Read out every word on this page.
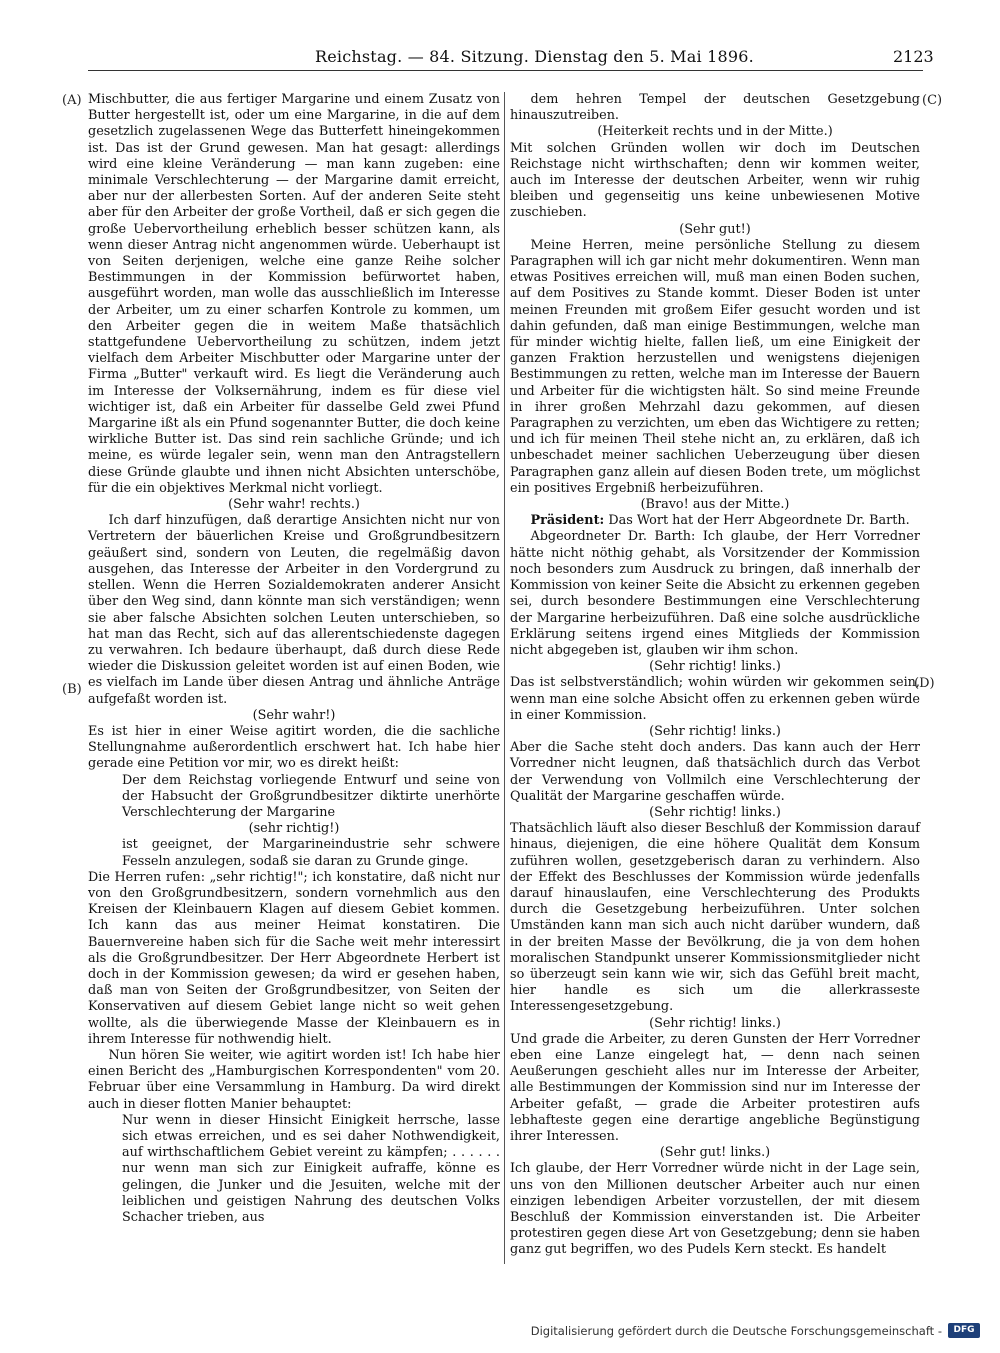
Reichstag. — 84. Sitzung. Dienstag den 5. Mai 1896.	2123
(A)
(B)
(C)
(D)

Mischbutter, die aus fertiger Margarine und einem Zusatz von Butter hergestellt ist, oder um eine Margarine, in die auf dem gesetzlich zugelassenen Wege das Butterfett hineingekommen ist. Das ist der Grund gewesen. Man hat gesagt: allerdings wird eine kleine Veränderung — man kann zugeben: eine minimale Verschlechterung — der Margarine damit erreicht, aber nur der allerbesten Sorten. Auf der anderen Seite steht aber für den Arbeiter der große Vortheil, daß er sich gegen die große Uebervortheilung erheblich besser schützen kann, als wenn dieser Antrag nicht angenommen würde. Ueberhaupt ist von Seiten derjenigen, welche eine ganze Reihe solcher Bestimmungen in der Kommission befürwortet haben, ausgeführt worden, man wolle das ausschließlich im Interesse der Arbeiter, um zu einer scharfen Kontrole zu kommen, um den Arbeiter gegen die in weitem Maße thatsächlich stattgefundene Uebervortheilung zu schützen, indem jetzt vielfach dem Arbeiter Mischbutter oder Margarine unter der Firma „Butter" verkauft wird. Es liegt die Veränderung auch im Interesse der Volksernährung, indem es für diese viel wichtiger ist, daß ein Arbeiter für dasselbe Geld zwei Pfund Margarine ißt als ein Pfund sogenannter Butter, die doch keine wirkliche Butter ist. Das sind rein sachliche Gründe; und ich meine, es würde legaler sein, wenn man den Antragstellern diese Gründe glaubte und ihnen nicht Absichten unterschöbe, für die ein objektives Merkmal nicht vorliegt.

(Sehr wahr! rechts.)

Ich darf hinzufügen, daß derartige Ansichten nicht nur von Vertretern der bäuerlichen Kreise und Großgrundbesitzern geäußert sind, sondern von Leuten, die regelmäßig davon ausgehen, das Interesse der Arbeiter in den Vordergrund zu stellen. Wenn die Herren Sozialdemokraten anderer Ansicht über den Weg sind, dann könnte man sich verständigen; wenn sie aber falsche Absichten solchen Leuten unterschieben, so hat man das Recht, sich auf das allerentschiedenste dagegen zu verwahren. Ich bedaure überhaupt, daß durch diese Rede wieder die Diskussion geleitet worden ist auf einen Boden, wie es vielfach im Lande über diesen Antrag und ähnliche Anträge aufgefaßt worden ist.

(Sehr wahr!)

Es ist hier in einer Weise agitirt worden, die die sachliche Stellungnahme außerordentlich erschwert hat. Ich habe hier gerade eine Petition vor mir, wo es direkt heißt:

Der dem Reichstag vorliegende Entwurf und seine von der Habsucht der Großgrundbesitzer diktirte unerhörte Verschlechterung der Margarine

(sehr richtig!)

ist geeignet, der Margarineindustrie sehr schwere Fesseln anzulegen, sodaß sie daran zu Grunde ginge.

Die Herren rufen: „sehr richtig!"; ich konstatire, daß nicht nur von den Großgrundbesitzern, sondern vornehmlich aus den Kreisen der Kleinbauern Klagen auf diesem Gebiet kommen. Ich kann das aus meiner Heimat konstatiren. Die Bauernvereine haben sich für die Sache weit mehr interessirt als die Großgrundbesitzer. Der Herr Abgeordnete Herbert ist doch in der Kommission gewesen; da wird er gesehen haben, daß man von Seiten der Großgrundbesitzer, von Seiten der Konservativen auf diesem Gebiet lange nicht so weit gehen wollte, als die überwiegende Masse der Kleinbauern es in ihrem Interesse für nothwendig hielt.

Nun hören Sie weiter, wie agitirt worden ist! Ich habe hier einen Bericht des „Hamburgischen Korrespondenten" vom 20. Februar über eine Versammlung in Hamburg. Da wird direkt auch in dieser flotten Manier behauptet:

Nur wenn in dieser Hinsicht Einigkeit herrsche, lasse sich etwas erreichen, und es sei daher Nothwendigkeit, auf wirthschaftlichem Gebiet vereint zu kämpfen; . . . . . . nur wenn man sich zur Einigkeit aufraffe, könne es gelingen, die Junker und die Jesuiten, welche mit der leiblichen und geistigen Nahrung des deutschen Volks Schacher trieben, aus

dem hehren Tempel der deutschen Gesetzgebung hinauszutreiben.

(Heiterkeit rechts und in der Mitte.)

Mit solchen Gründen wollen wir doch im Deutschen Reichstage nicht wirthschaften; denn wir kommen weiter, auch im Interesse der deutschen Arbeiter, wenn wir ruhig bleiben und gegenseitig uns keine unbewiesenen Motive zuschieben.

(Sehr gut!)

Meine Herren, meine persönliche Stellung zu diesem Paragraphen will ich gar nicht mehr dokumentiren. Wenn man etwas Positives erreichen will, muß man einen Boden suchen, auf dem Positives zu Stande kommt. Dieser Boden ist unter meinen Freunden mit großem Eifer gesucht worden und ist dahin gefunden, daß man einige Bestimmungen, welche man für minder wichtig hielte, fallen ließ, um eine Einigkeit der ganzen Fraktion herzustellen und wenigstens diejenigen Bestimmungen zu retten, welche man im Interesse der Bauern und Arbeiter für die wichtigsten hält. So sind meine Freunde in ihrer großen Mehrzahl dazu gekommen, auf diesen Paragraphen zu verzichten, um eben das Wichtigere zu retten; und ich für meinen Theil stehe nicht an, zu erklären, daß ich unbeschadet meiner sachlichen Ueberzeugung über diesen Paragraphen ganz allein auf diesen Boden trete, um möglichst ein positives Ergebniß herbeizuführen.

(Bravo! aus der Mitte.)

Präsident: Das Wort hat der Herr Abgeordnete Dr. Barth.

Abgeordneter Dr. Barth: Ich glaube, der Herr Vorredner hätte nicht nöthig gehabt, als Vorsitzender der Kommission noch besonders zum Ausdruck zu bringen, daß innerhalb der Kommission von keiner Seite die Absicht zu erkennen gegeben sei, durch besondere Bestimmungen eine Verschlechterung der Margarine herbeizuführen. Daß eine solche ausdrückliche Erklärung seitens irgend eines Mitglieds der Kommission nicht abgegeben ist, glauben wir ihm schon.

(Sehr richtig! links.)

Das ist selbstverständlich; wohin würden wir gekommen sein, wenn man eine solche Absicht offen zu erkennen geben würde in einer Kommission.

(Sehr richtig! links.)

Aber die Sache steht doch anders. Das kann auch der Herr Vorredner nicht leugnen, daß thatsächlich durch das Verbot der Verwendung von Vollmilch eine Verschlechterung der Qualität der Margarine geschaffen würde.

(Sehr richtig! links.)

Thatsächlich läuft also dieser Beschluß der Kommission darauf hinaus, diejenigen, die eine höhere Qualität dem Konsum zuführen wollen, gesetzgeberisch daran zu verhindern. Also der Effekt des Beschlusses der Kommission würde jedenfalls darauf hinauslaufen, eine Verschlechterung des Produkts durch die Gesetzgebung herbeizuführen. Unter solchen Umständen kann man sich auch nicht darüber wundern, daß in der breiten Masse der Bevölkrung, die ja von dem hohen moralischen Standpunkt unserer Kommissionsmitglieder nicht so überzeugt sein kann wie wir, sich das Gefühl breit macht, hier handle es sich um die allerkrasseste Interessengesetzgebung.

(Sehr richtig! links.)

Und grade die Arbeiter, zu deren Gunsten der Herr Vorredner eben eine Lanze eingelegt hat, — denn nach seinen Aeußerungen geschieht alles nur im Interesse der Arbeiter, alle Bestimmungen der Kommission sind nur im Interesse der Arbeiter gefaßt, — grade die Arbeiter protestiren aufs lebhafteste gegen eine derartige angebliche Begünstigung ihrer Interessen.

(Sehr gut! links.)

Ich glaube, der Herr Vorredner würde nicht in der Lage sein, uns von den Millionen deutscher Arbeiter auch nur einen einzigen lebendigen Arbeiter vorzustellen, der mit diesem Beschluß der Kommission einverstanden ist. Die Arbeiter protestiren gegen diese Art von Gesetzgebung; denn sie haben ganz gut begriffen, wo des Pudels Kern steckt. Es handelt

Digitalisierung gefördert durch die Deutsche Forschungsgemeinschaft -	DFG
